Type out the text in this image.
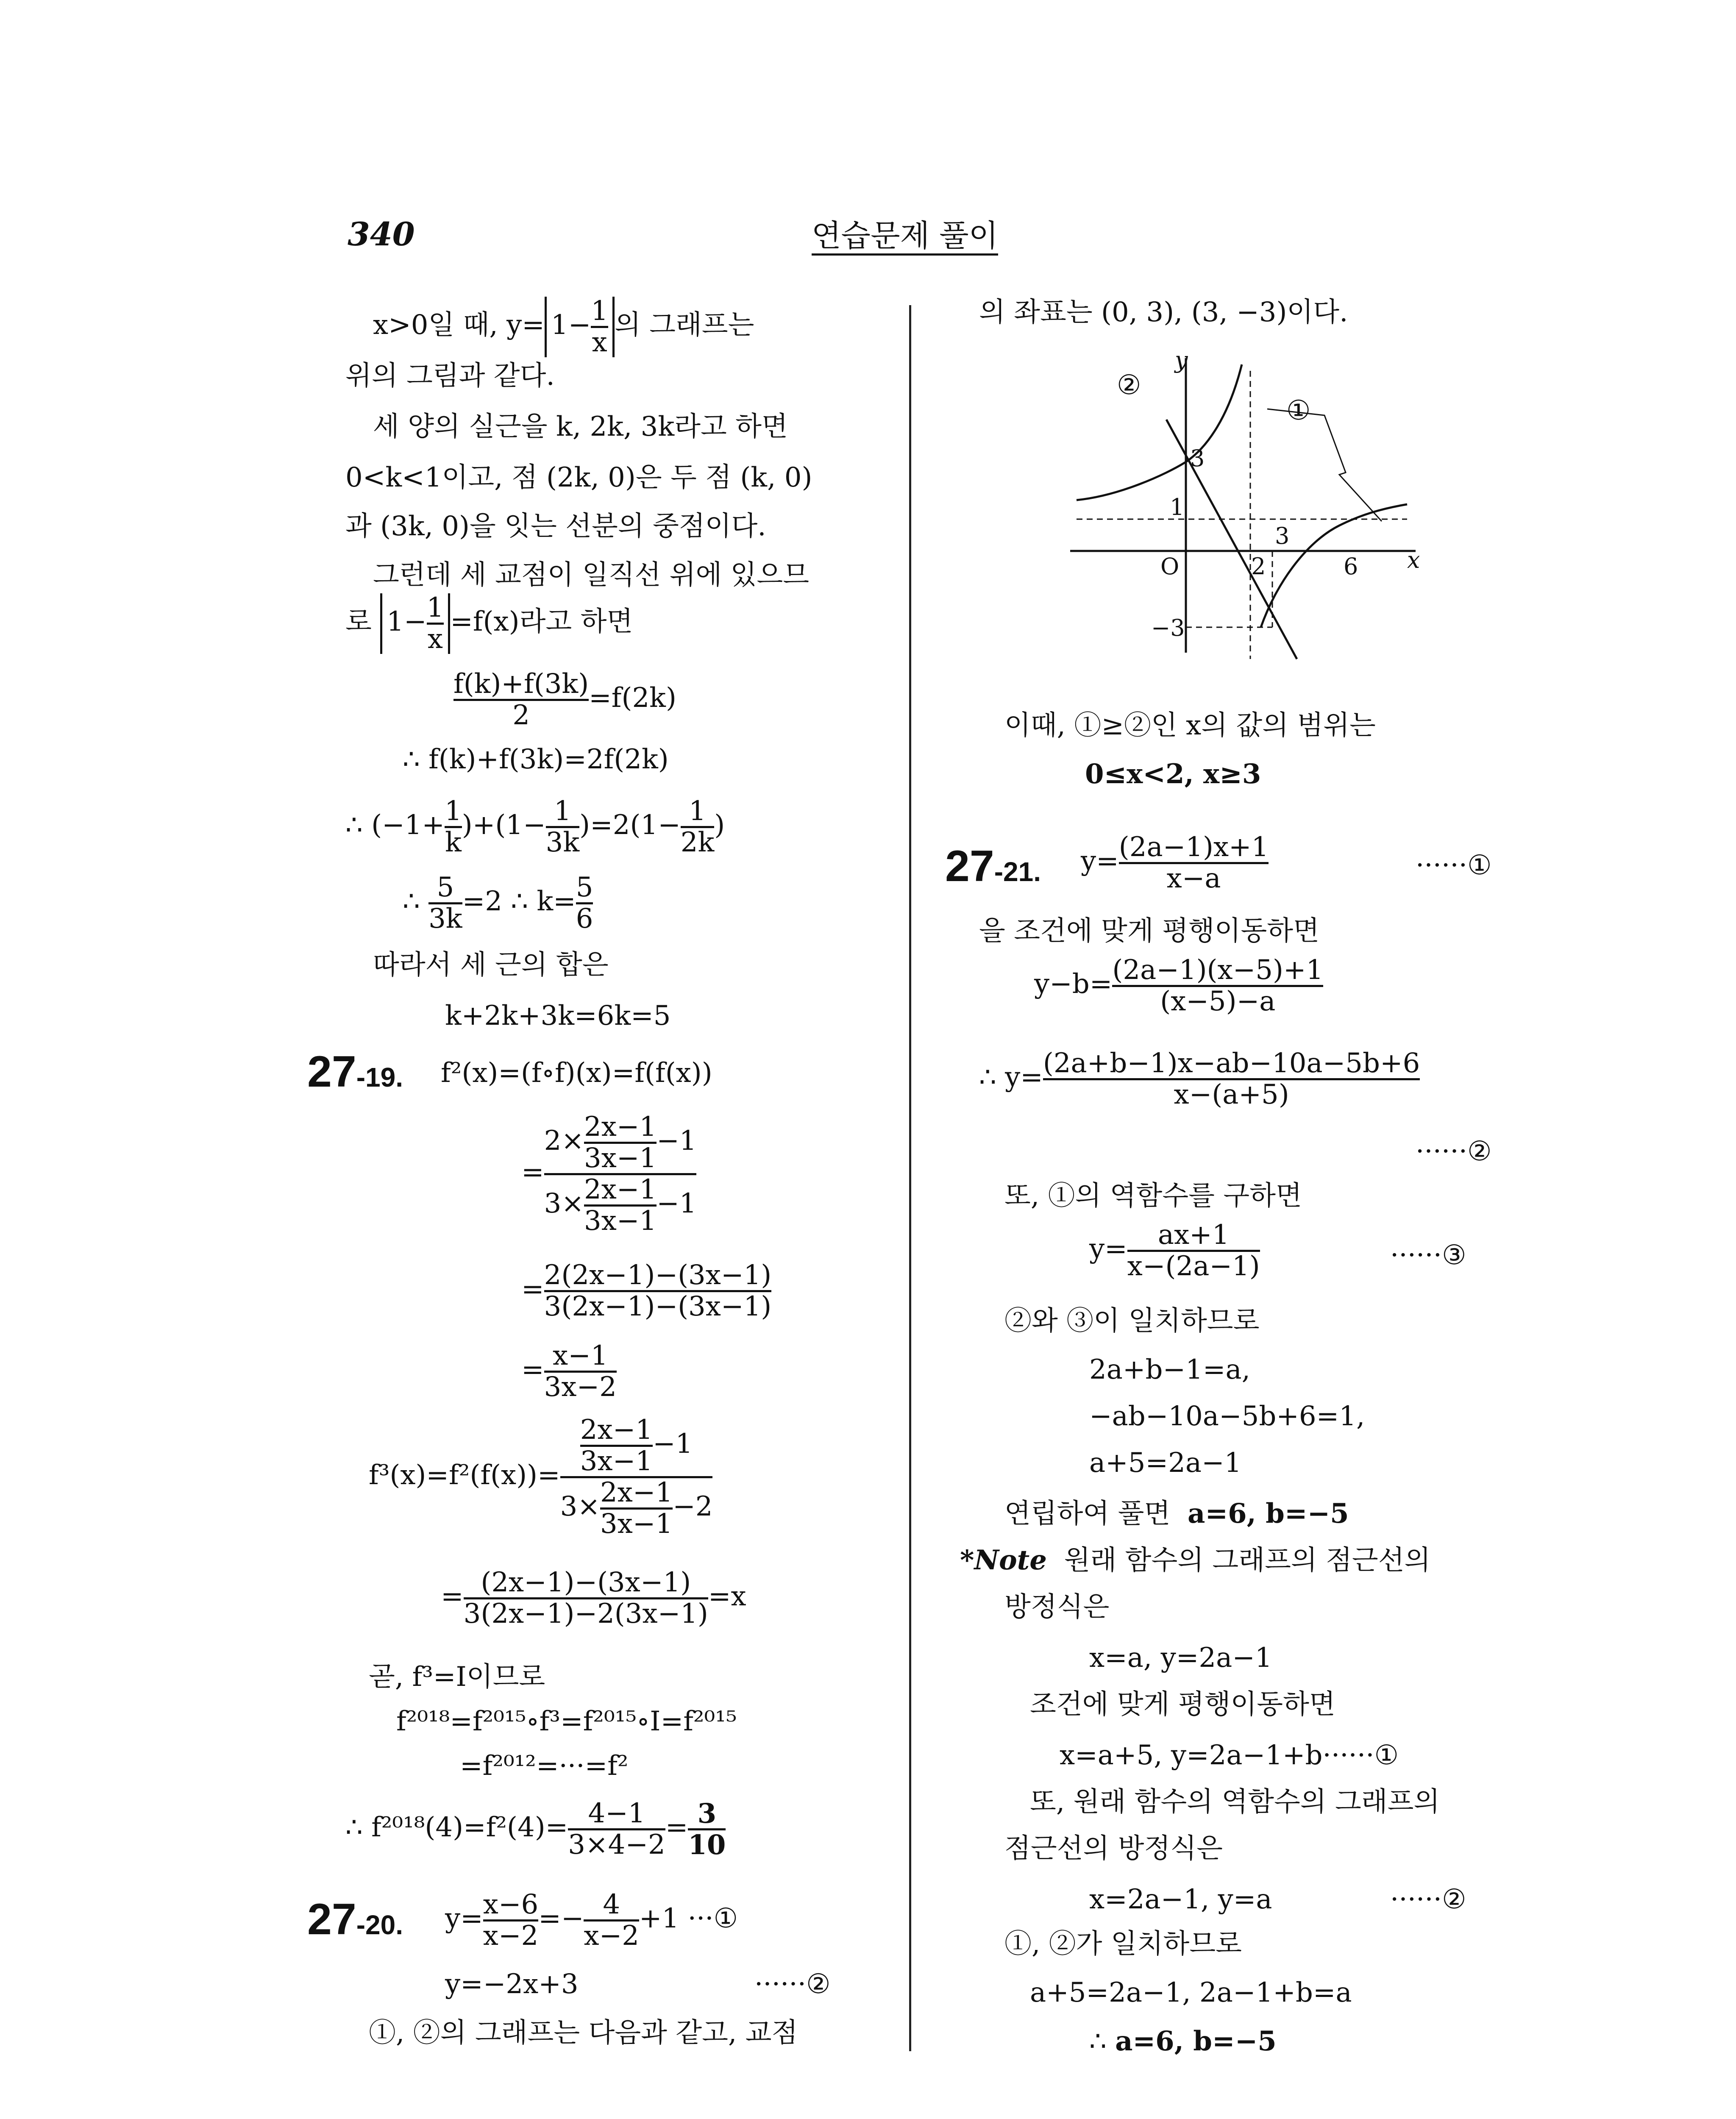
340	연습문제 풀이
x>0일 때, $y= 1- \frac{1}{x}$ 의 그래프는
위의 그림과 같다.
세 양의 실근을 k, 2k, 3k라고 하면
0<k<1이고, 점 (2k, 0)은 두 점 (k, 0)
과 (3k, 0)을 잇는 선분의 중점이다.
그런데 세 교점이 일직선 위에 있으므
로 $1- \frac{1}{x} =f(x)$라고 하면
$\frac{f(k)+f(3k)}{2} =f(2k)$
∴ f(k)+f(3k)=2f(2k)
∴ $(-1+ \frac{1}{k} )+(1- \frac{1}{3k} )=2(1- \frac{1}{2k}$ )
∴ $\frac{5}{3k} =2$ ∴ $k= \frac{5}{6}$
따라서 세 근의 합은
k+2k+3k=6k=5
27-19. f²(x)=(f∘f)(x)=f(f(x))
= $\frac{2\times \frac{2x-1}{3x-1} -1}{3\times \frac{2x-1}{3x-1} -1}$
= $\frac{2(2x-1)-(3x-1)}{3(2x-1)-(3x-1)}$
= $\frac{x-1}{3x-2}$
$f^3(x)=f^2(f(x))= \frac{\frac{2x-1}{3x-1} -1}{3\times \frac{2x-1}{3x-1} -2}$
= $\frac{(2x-1)-(3x-1)}{3(2x-1)-2(3x-1)} =x$
곧, f³=I이므로
f²⁰¹⁸=f²⁰¹⁵∘f³=f²⁰¹⁵∘I=f²⁰¹⁵
=f²⁰¹²=···=f²
∴ $f^{2018}(4)=f^2(4)= \frac{4-1}{3\times 4-2} = \frac{3}{10}$
27-20. $y= \frac{x-6}{x-2} =- \frac{4}{x-2} +1$ ···①
y=−2x+3	······②
①, ②의 그래프는 다음과 같고, 교점
의 좌표는 (0, 3), (3, −3)이다.
y
x
O
②
①
3
1
−3
2
3
6
이때, ①≥②인 x의 값의 범위는
0≤x<2, x≥3
27-21. $y= \frac{(2a-1)x+1}{x-a}$	······①
을 조건에 맞게 평행이동하면
$y-b= \frac{(2a-1)(x-5)+1}{(x-5)-a}$
∴ $y= \frac{(2a+b-1)x-ab-10a-5b+6}{x-(a+5)}$
······②
또, ①의 역함수를 구하면
$y= \frac{ax+1}{x-(2a-1)}$	······③
②와 ③이 일치하므로
2a+b−1=a,
−ab−10a−5b+6=1,
a+5=2a−1
연립하여 풀면 a=6, b=−5
*Note 원래 함수의 그래프의 점근선의
방정식은
x=a, y=2a−1
조건에 맞게 평행이동하면
x=a+5, y=2a−1+b······①
또, 원래 함수의 역함수의 그래프의
점근선의 방정식은
x=2a−1, y=a	······②
①, ②가 일치하므로
a+5=2a−1, 2a−1+b=a
∴ a=6, b=−5
